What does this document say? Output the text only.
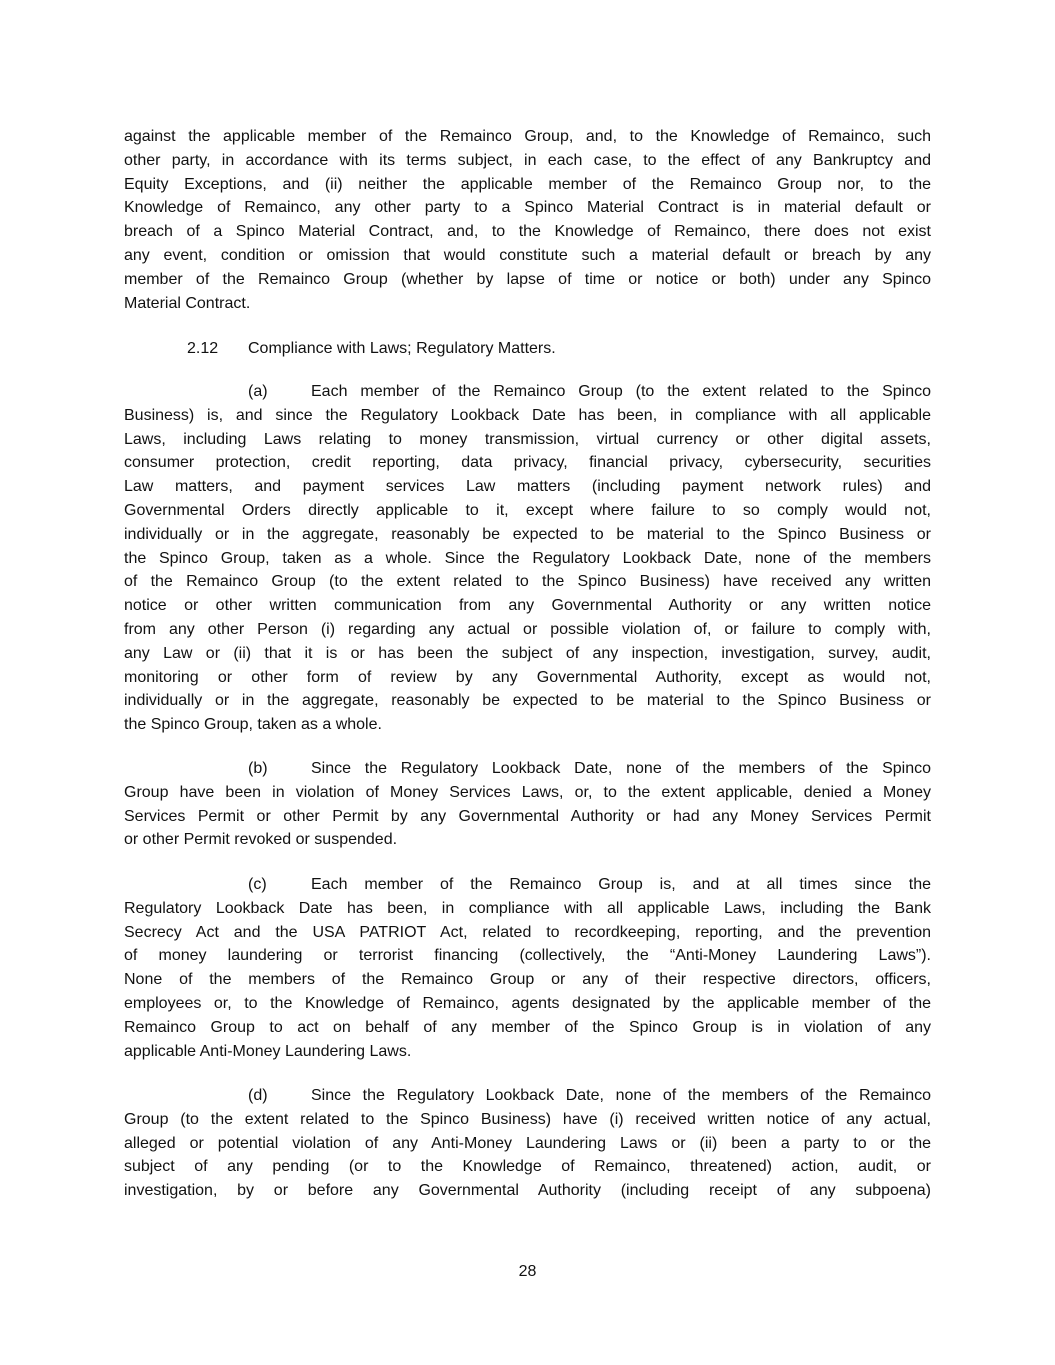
against the applicable member of the Remainco Group, and, to the Knowledge of Remainco, such
other party, in accordance with its terms subject, in each case, to the effect of any Bankruptcy and
Equity Exceptions, and (ii) neither the applicable member of the Remainco Group nor, to the
Knowledge of Remainco, any other party to a Spinco Material Contract is in material default or
breach of a Spinco Material Contract, and, to the Knowledge of Remainco, there does not exist
any event, condition or omission that would constitute such a material default or breach by any
member of the Remainco Group (whether by lapse of time or notice or both) under any Spinco
Material Contract.
2.12 Compliance with Laws; Regulatory Matters.
(a)	Each member of the Remainco Group (to the extent related to the Spinco
Business) is, and since the Regulatory Lookback Date has been, in compliance with all applicable
Laws, including Laws relating to money transmission, virtual currency or other digital assets,
consumer protection, credit reporting, data privacy, financial privacy, cybersecurity, securities
Law matters, and payment services Law matters (including payment network rules) and
Governmental Orders directly applicable to it, except where failure to so comply would not,
individually or in the aggregate, reasonably be expected to be material to the Spinco Business or
the Spinco Group, taken as a whole. Since the Regulatory Lookback Date, none of the members
of the Remainco Group (to the extent related to the Spinco Business) have received any written
notice or other written communication from any Governmental Authority or any written notice
from any other Person (i) regarding any actual or possible violation of, or failure to comply with,
any Law or (ii) that it is or has been the subject of any inspection, investigation, survey, audit,
monitoring or other form of review by any Governmental Authority, except as would not,
individually or in the aggregate, reasonably be expected to be material to the Spinco Business or
the Spinco Group, taken as a whole.
(b)	Since the Regulatory Lookback Date, none of the members of the Spinco
Group have been in violation of Money Services Laws, or, to the extent applicable, denied a Money
Services Permit or other Permit by any Governmental Authority or had any Money Services Permit
or other Permit revoked or suspended.
(c)	Each member of the Remainco Group is, and at all times since the
Regulatory Lookback Date has been, in compliance with all applicable Laws, including the Bank
Secrecy Act and the USA PATRIOT Act, related to recordkeeping, reporting, and the prevention
of money laundering or terrorist financing (collectively, the “Anti-Money Laundering Laws”).
None of the members of the Remainco Group or any of their respective directors, officers,
employees or, to the Knowledge of Remainco, agents designated by the applicable member of the
Remainco Group to act on behalf of any member of the Spinco Group is in violation of any
applicable Anti-Money Laundering Laws.
(d)	Since the Regulatory Lookback Date, none of the members of the Remainco
Group (to the extent related to the Spinco Business) have (i) received written notice of any actual,
alleged or potential violation of any Anti-Money Laundering Laws or (ii) been a party to or the
subject of any pending (or to the Knowledge of Remainco, threatened) action, audit, or
investigation, by or before any Governmental Authority (including receipt of any subpoena)
28
